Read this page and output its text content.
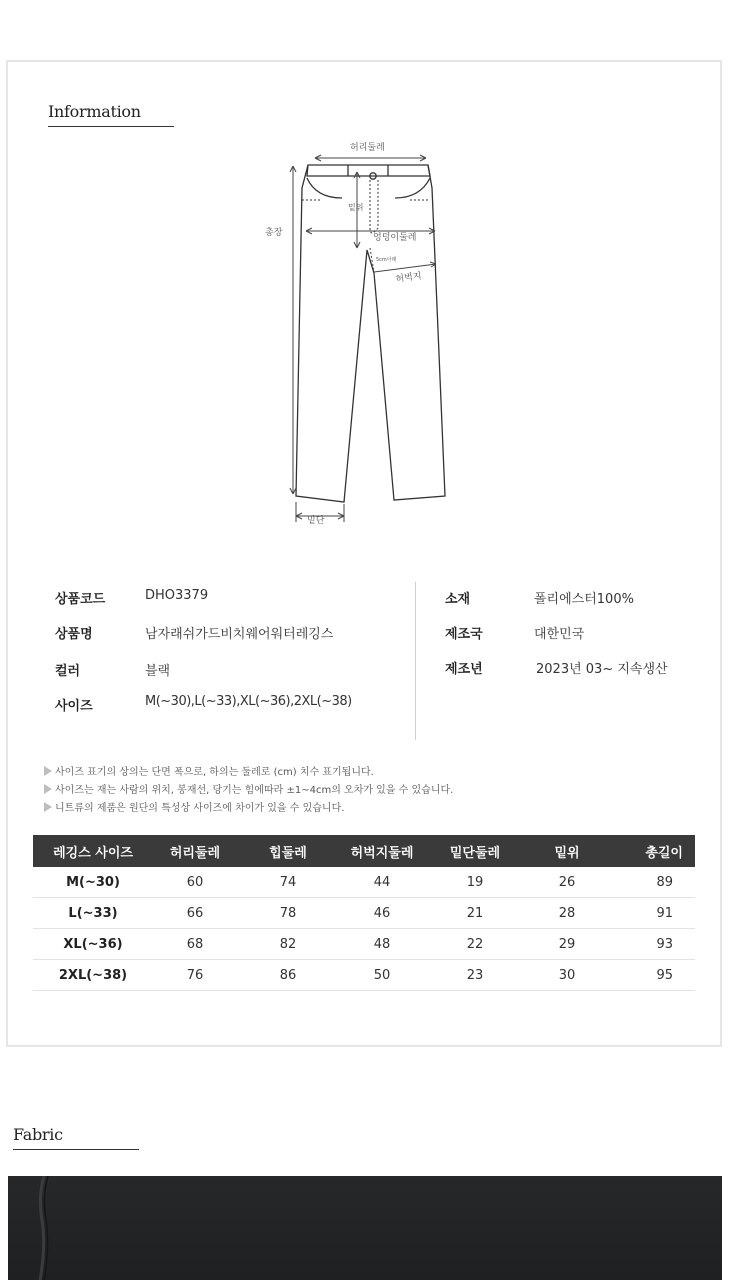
Information
허리둘레
총장
밑위
엉덩이둘레
5cm아래
허벅지
밑단
상품코드	DHO3379
상품명	남자래쉬가드비치웨어워터레깅스
컬러	블랙
사이즈	M(~30),L(~33),XL(~36),2XL(~38)
소재	폴리에스터100%
제조국	대한민국
제조년	2023년 03~ 지속생산
사이즈 표기의 상의는 단면 폭으로, 하의는 둘레로 (cm) 치수 표기됩니다.
사이즈는 재는 사람의 위치, 봉재선, 당기는 힘에따라 ±1~4cm의 오차가 있을 수 있습니다.
니트류의 제품은 원단의 특성상 사이즈에 차이가 있을 수 있습니다.
레깅스 사이즈	허리둘레	힙둘레	허벅지둘레	밑단둘레	밑위	총길이
M(~30)	60	74	44	19	26	89
L(~33)	66	78	46	21	28	91
XL(~36)	68	82	48	22	29	93
2XL(~38)	76	86	50	23	30	95
Fabric
